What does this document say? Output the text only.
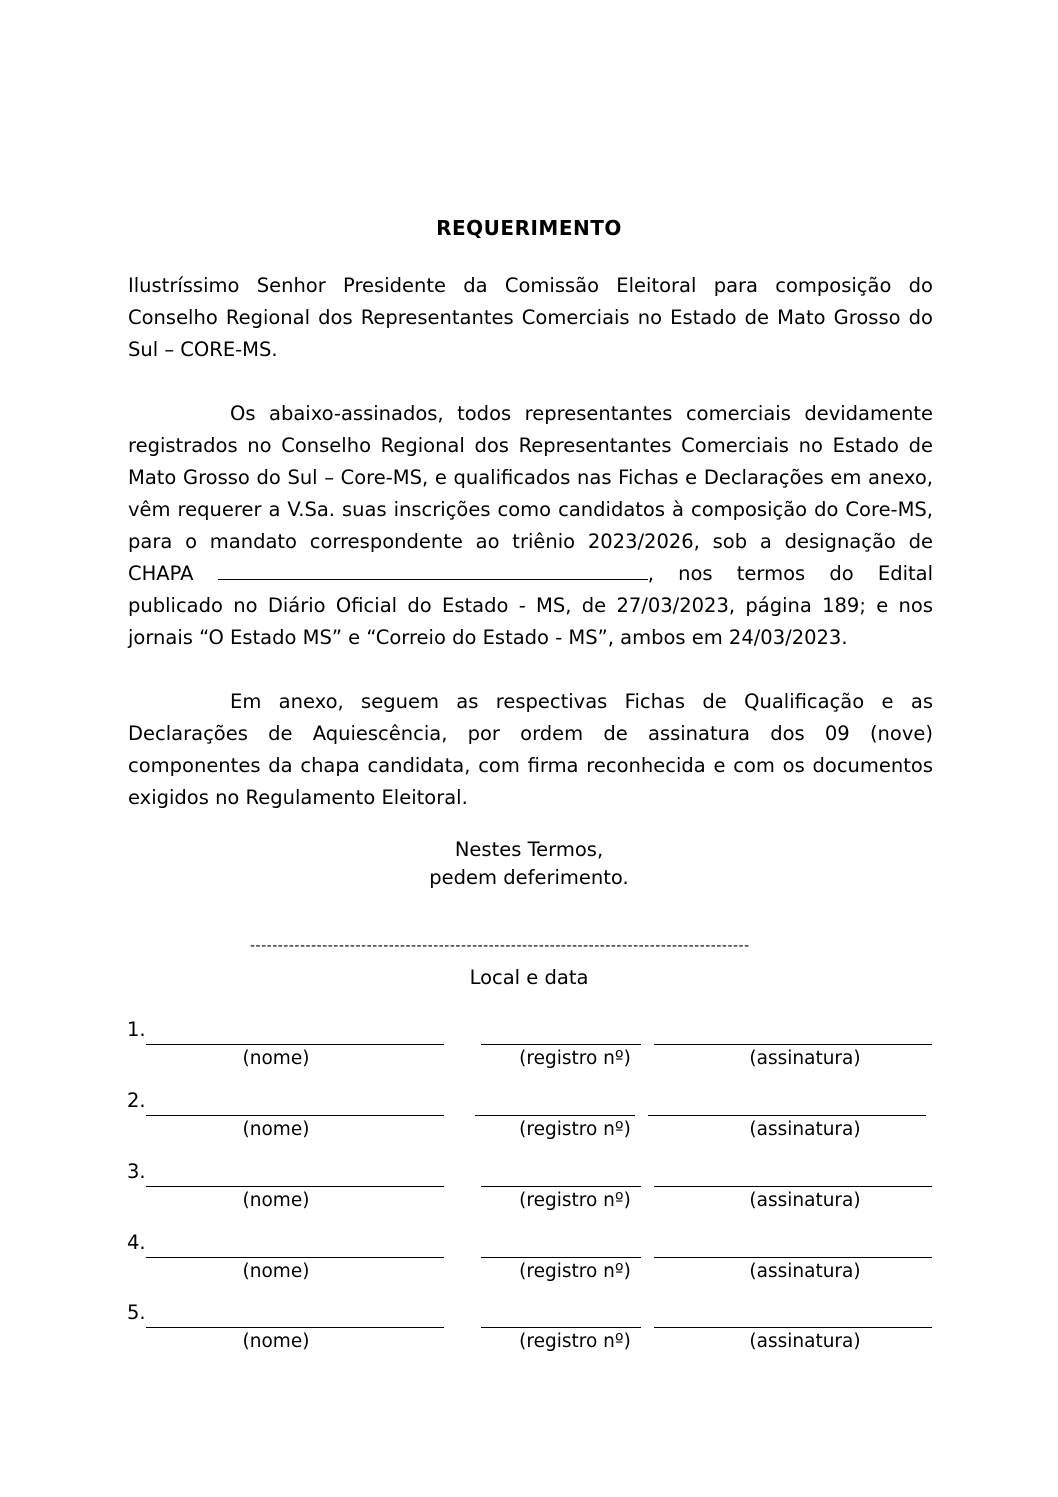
REQUERIMENTO
Ilustríssimo Senhor Presidente da Comissão Eleitoral para composição do Conselho Regional dos Representantes Comerciais no Estado de Mato Grosso do Sul – CORE-MS.
Os abaixo-assinados, todos representantes comerciais devidamente registrados no Conselho Regional dos Representantes Comerciais no Estado de Mato Grosso do Sul – Core-MS, e qualificados nas Fichas e Declarações em anexo, vêm requerer a V.Sa. suas inscrições como candidatos à composição do Core-MS, para o mandato correspondente ao triênio 2023/2026, sob a designação de CHAPA	, nos termos do Edital publicado no Diário Oficial do Estado - MS, de 27/03/2023, página 189; e nos jornais “O Estado MS” e “Correio do Estado - MS”, ambos em 24/03/2023.
Em anexo, seguem as respectivas Fichas de Qualificação e as Declarações de Aquiescência, por ordem de assinatura dos 09 (nove) componentes da chapa candidata, com firma reconhecida e com os documentos exigidos no Regulamento Eleitoral.
Nestes Termos,
pedem deferimento.
------------------------------------------------------------------------------------------
Local e data
1.
(nome)	(registro nº)	(assinatura)
2.
(nome)	(registro nº)	(assinatura)
3.
(nome)	(registro nº)	(assinatura)
4.
(nome)	(registro nº)	(assinatura)
5.
(nome)	(registro nº)	(assinatura)
